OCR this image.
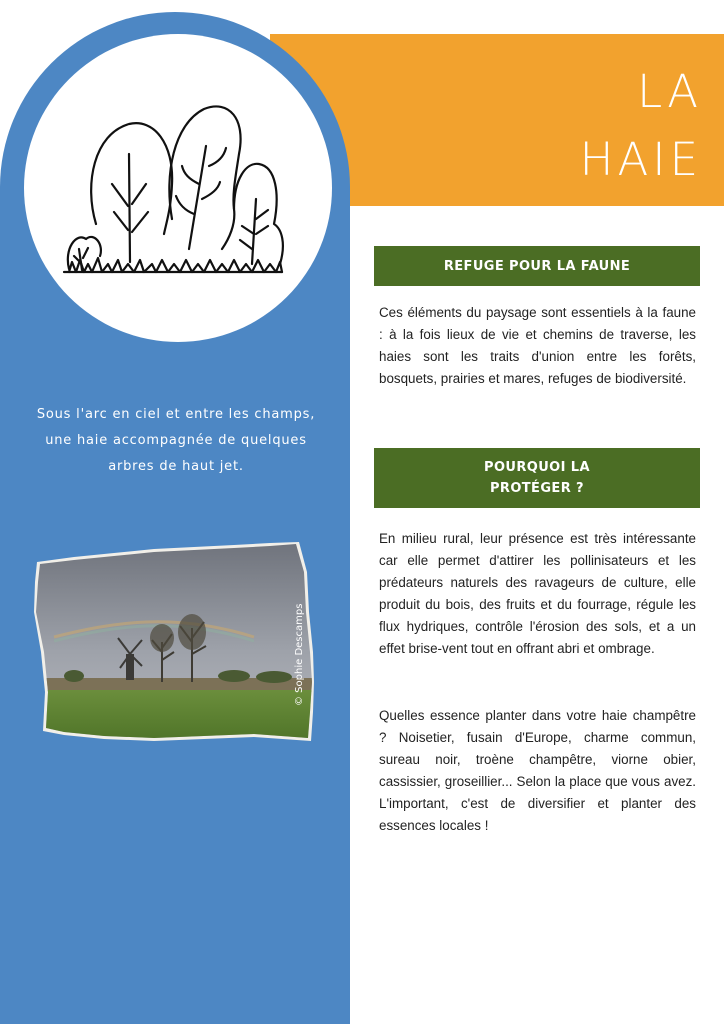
LA
HAIE
Sous l'arc en ciel et entre les champs, une haie accompagnée de quelques arbres de haut jet.
© Sophie Descamps
REFUGE POUR LA FAUNE
Ces éléments du paysage sont essentiels à la faune : à la fois lieux de vie et chemins de traverse, les haies sont les traits d'union entre les forêts, bosquets, prairies et mares, refuges de biodiversité.
POURQUOI LA
PROTÉGER ?
En milieu rural, leur présence est très intéressante car elle permet d'attirer les pollinisateurs et les prédateurs naturels des ravageurs de culture, elle produit du bois, des fruits et du fourrage, régule les flux hydriques, contrôle l'érosion des sols, et a un effet brise-vent tout en offrant abri et ombrage.
Quelles essence planter dans votre haie champêtre ? Noisetier, fusain d'Europe, charme commun, sureau noir, troène champêtre, viorne obier, cassissier, groseillier... Selon la place que vous avez. L'important, c'est de diversifier et planter des essences locales !
